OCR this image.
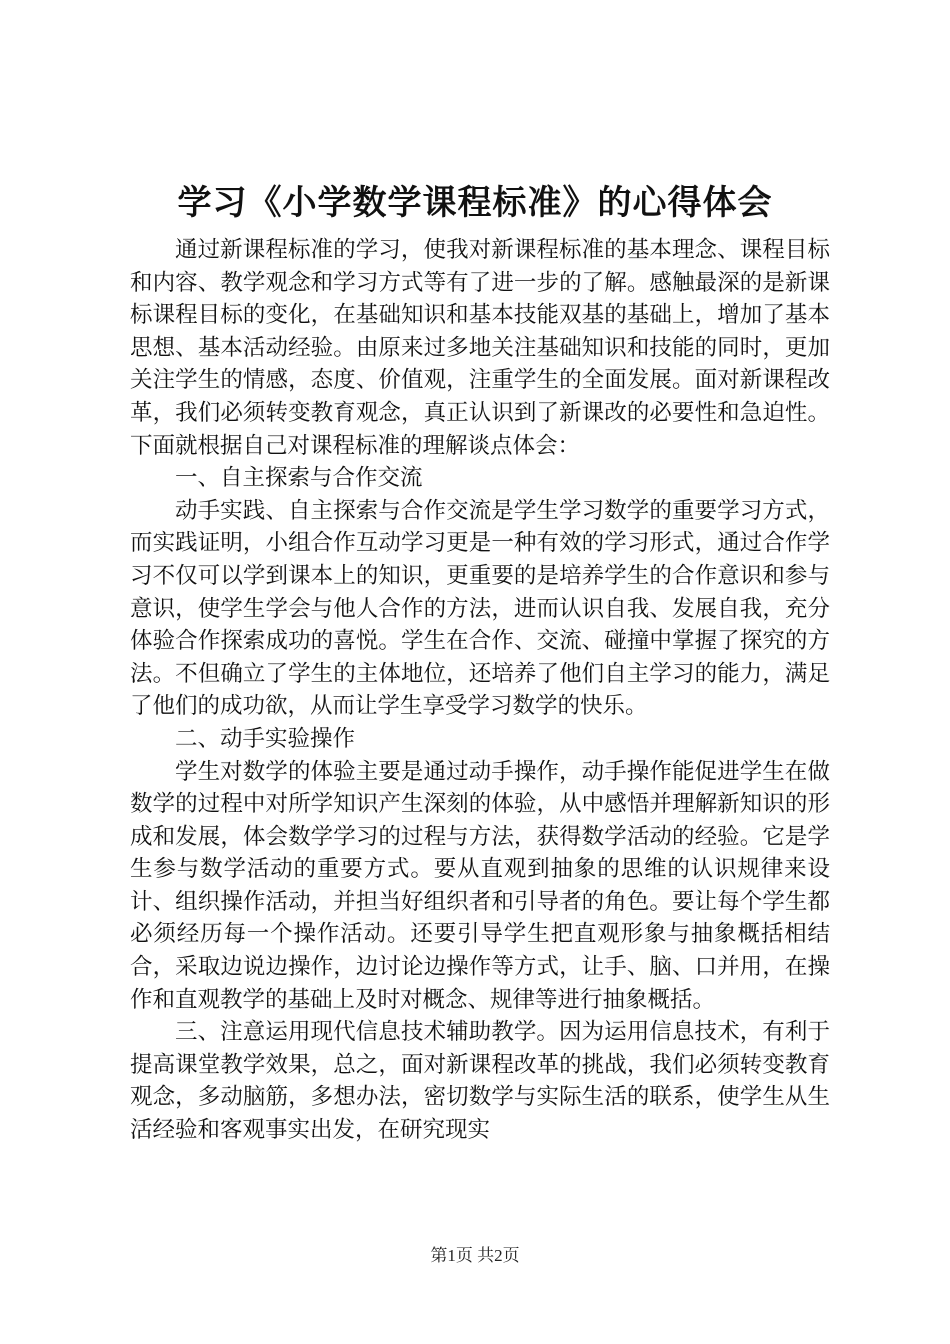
学习《小学数学课程标准》的心得体会

通过新课程标准的学习，使我对新课程标准的基本理念、课程目标和内容、教学观念和学习方式等有了进一步的了解。感触最深的是新课标课程目标的变化，在基础知识和基本技能双基的基础上，增加了基本思想、基本活动经验。由原来过多地关注基础知识和技能的同时，更加关注学生的情感，态度、价值观，注重学生的全面发展。面对新课程改革，我们必须转变教育观念，真正认识到了新课改的必要性和急迫性。下面就根据自己对课程标准的理解谈点体会：

一、自主探索与合作交流

动手实践、自主探索与合作交流是学生学习数学的重要学习方式，而实践证明，小组合作互动学习更是一种有效的学习形式，通过合作学习不仅可以学到课本上的知识，更重要的是培养学生的合作意识和参与意识，使学生学会与他人合作的方法，进而认识自我、发展自我，充分体验合作探索成功的喜悦。学生在合作、交流、碰撞中掌握了探究的方法。不但确立了学生的主体地位，还培养了他们自主学习的能力，满足了他们的成功欲，从而让学生享受学习数学的快乐。

二、动手实验操作

学生对数学的体验主要是通过动手操作，动手操作能促进学生在做数学的过程中对所学知识产生深刻的体验，从中感悟并理解新知识的形成和发展，体会数学学习的过程与方法，获得数学活动的经验。它是学生参与数学活动的重要方式。要从直观到抽象的思维的认识规律来设计、组织操作活动，并担当好组织者和引导者的角色。要让每个学生都必须经历每一个操作活动。还要引导学生把直观形象与抽象概括相结合，采取边说边操作，边讨论边操作等方式，让手、脑、口并用，在操作和直观教学的基础上及时对概念、规律等进行抽象概括。

三、注意运用现代信息技术辅助教学。因为运用信息技术，有利于提高课堂教学效果，总之，面对新课程改革的挑战，我们必须转变教育观念，多动脑筋，多想办法，密切数学与实际生活的联系，使学生从生活经验和客观事实出发，在研究现实

第1页 共2页
